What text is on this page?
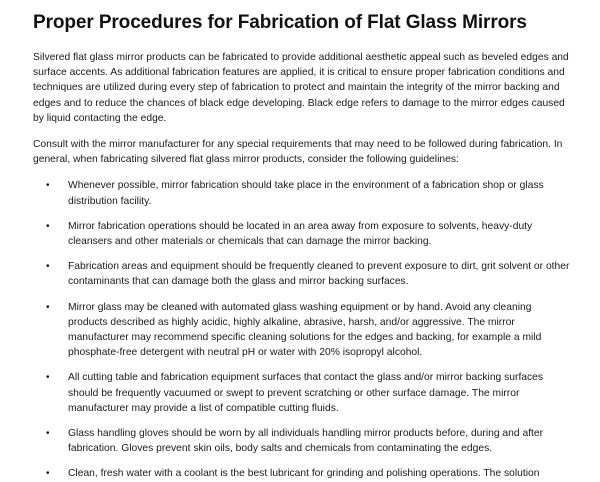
Proper Procedures for Fabrication of Flat Glass Mirrors

Silvered flat glass mirror products can be fabricated to provide additional aesthetic appeal such as beveled edges and surface accents. As additional fabrication features are applied, it is critical to ensure proper fabrication conditions and techniques are utilized during every step of fabrication to protect and maintain the integrity of the mirror backing and edges and to reduce the chances of black edge developing. Black edge refers to damage to the mirror edges caused by liquid contacting the edge.

Consult with the mirror manufacturer for any special requirements that may need to be followed during fabrication. In general, when fabricating silvered flat glass mirror products, consider the following guidelines:

• Whenever possible, mirror fabrication should take place in the environment of a fabrication shop or glass distribution facility.
• Mirror fabrication operations should be located in an area away from exposure to solvents, heavy-duty cleansers and other materials or chemicals that can damage the mirror backing.
• Fabrication areas and equipment should be frequently cleaned to prevent exposure to dirt, grit solvent or other contaminants that can damage both the glass and mirror backing surfaces.
• Mirror glass may be cleaned with automated glass washing equipment or by hand. Avoid any cleaning products described as highly acidic, highly alkaline, abrasive, harsh, and/or aggressive. The mirror manufacturer may recommend specific cleaning solutions for the edges and backing, for example a mild phosphate-free detergent with neutral pH or water with 20% isopropyl alcohol.
• All cutting table and fabrication equipment surfaces that contact the glass and/or mirror backing surfaces should be frequently vacuumed or swept to prevent scratching or other surface damage. The mirror manufacturer may provide a list of compatible cutting fluids.
• Glass handling gloves should be worn by all individuals handling mirror products before, during and after fabrication. Gloves prevent skin oils, body salts and chemicals from contaminating the edges.
• Clean, fresh water with a coolant is the best lubricant for grinding and polishing operations. The solution
